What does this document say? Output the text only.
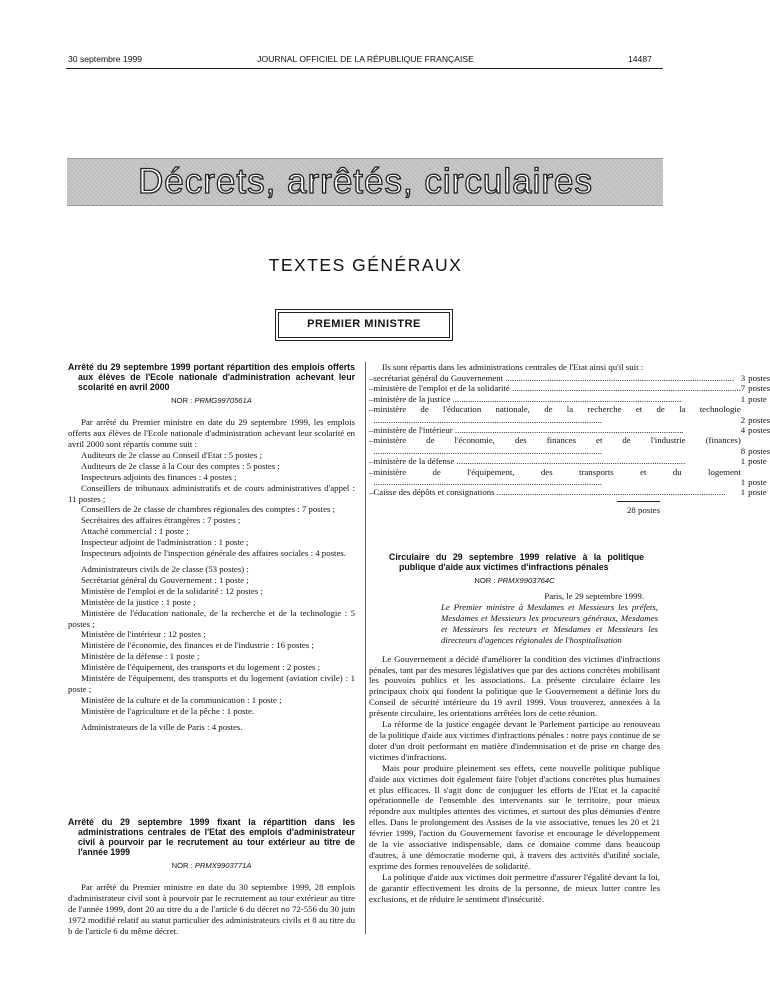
30 septembre 1999	JOURNAL OFFICIEL DE LA RÉPUBLIQUE FRANÇAISE	14487
Décrets, arrêtés, circulaires
TEXTES GÉNÉRAUX
PREMIER MINISTRE
Arrêté du 29 septembre 1999 portant répartition des emplois offerts aux élèves de l'Ecole nationale d'administration achevant leur scolarité en avril 2000
NOR : PRMG9970561A

Par arrêté du Premier ministre en date du 29 septembre 1999, les emplois offerts aux élèves de l'Ecole nationale d'administration achevant leur scolarité en avril 2000 sont répartis comme suit :

Auditeurs de 2e classe au Conseil d'Etat : 5 postes ;

Auditeurs de 2e classe à la Cour des comptes : 5 postes ;

Inspecteurs adjoints des finances : 4 postes ;

Conseillers de tribunaux administratifs et de cours administratives d'appel : 11 postes ;

Conseillers de 2e classe de chambres régionales des comptes : 7 postes ;

Secrétaires des affaires étrangères : 7 postes ;

Attaché commercial : 1 poste ;

Inspecteur adjoint de l'administration : 1 poste ;

Inspecteurs adjoints de l'inspection générale des affaires sociales : 4 postes.

Administrateurs civils de 2e classe (53 postes) :

Secrétariat général du Gouvernement : 1 poste ;

Ministère de l'emploi et de la solidarité : 12 postes ;

Ministère de la justice : 1 poste ;

Ministère de l'éducation nationale, de la recherche et de la technologie : 5 postes ;

Ministère de l'intérieur : 12 postes ;

Ministère de l'économie, des finances et de l'industrie : 16 postes ;

Ministère de la défense : 1 poste ;

Ministère de l'équipement, des transports et du logement : 2 postes ;

Ministère de l'équipement, des transports et du logement (aviation civile) : 1 poste ;

Ministère de la culture et de la communication : 1 poste ;

Ministère de l'agriculture et de la pêche : 1 poste.

Administrateurs de la ville de Paris : 4 postes.

Arrêté du 29 septembre 1999 fixant la répartition dans les administrations centrales de l'Etat des emplois d'administrateur civil à pourvoir par le recrutement au tour extérieur au titre de l'année 1999
NOR : PRMX9903771A

Par arrêté du Premier ministre en date du 30 septembre 1999, 28 emplois d'administrateur civil sont à pourvoir par le recrutement au tour extérieur au titre de l'année 1999, dont 20 au titre du a de l'article 6 du décret no 72-556 du 30 juin 1972 modifié relatif au statut particulier des administrateurs civils et 8 au titre du b de l'article 6 du même décret.

Ils sont répartis dans les administrations centrales de l'Etat ainsi qu'il suit :

–	secrétariat général du Gouvernement .....	3	postes
–	ministère de l'emploi et de la solidarité .....	7	postes
–	ministère de la justice .....	1	poste
–	ministère de l'éducation nationale, de la recherche et de la technologie .....	2	postes
–	ministère de l'intérieur .....	4	postes
–	ministère de l'économie, des finances et de l'industrie (finances) .....	8	postes
–	ministère de la défense .....	1	poste
–	ministère de l'équipement, des transports et du logement .....	1	poste
–	Caisse des dépôts et consignations .....	1	poste
28 postes
Circulaire du 29 septembre 1999 relative à la politique publique d'aide aux victimes d'infractions pénales
NOR : PRMX9903764C

Paris, le 29 septembre 1999.

Le Premier ministre à Mesdames et Messieurs les préfets, Mesdames et Messieurs les procureurs généraux, Mesdames et Messieurs les recteurs et Mesdames et Messieurs les directeurs d'agences régionales de l'hospitalisation

Le Gouvernement a décidé d'améliorer la condition des victimes d'infractions pénales, tant par des mesures législatives que par des actions concrètes mobilisant les pouvoirs publics et les associations. La présente circulaire éclaire les principaux choix qui fondent la politique que le Gouvernement a définie lors du Conseil de sécurité intérieure du 19 avril 1999. Vous trouverez, annexées à la présente circulaire, les orientations arrêtées lors de cette réunion.

La réforme de la justice engagée devant le Parlement participe au renouveau de la politique d'aide aux victimes d'infractions pénales : notre pays continue de se doter d'un droit performant en matière d'indemnisation et de prise en charge des victimes d'infractions.

Mais pour produire pleinement ses effets, cette nouvelle politique publique d'aide aux victimes doit également faire l'objet d'actions concrètes plus humaines et plus efficaces. Il s'agit donc de conjuguer les efforts de l'Etat et la capacité opérationnelle de l'ensemble des intervenants sur le territoire, pour mieux répondre aux multiples attentes des victimes, et surtout des plus démunies d'entre elles. Dans le prolongement des Assises de la vie associative, tenues les 20 et 21 février 1999, l'action du Gouvernement favorise et encourage le développement de la vie associative indispensable, dans ce domaine comme dans beaucoup d'autres, à une démocratie moderne qui, à travers des activités d'utilité sociale, exprime des formes renouvelées de solidarité.

La politique d'aide aux victimes doit permettre d'assurer l'égalité devant la loi, de garantir effectivement les droits de la personne, de mieux lutter contre les exclusions, et de réduire le sentiment d'insécurité.
